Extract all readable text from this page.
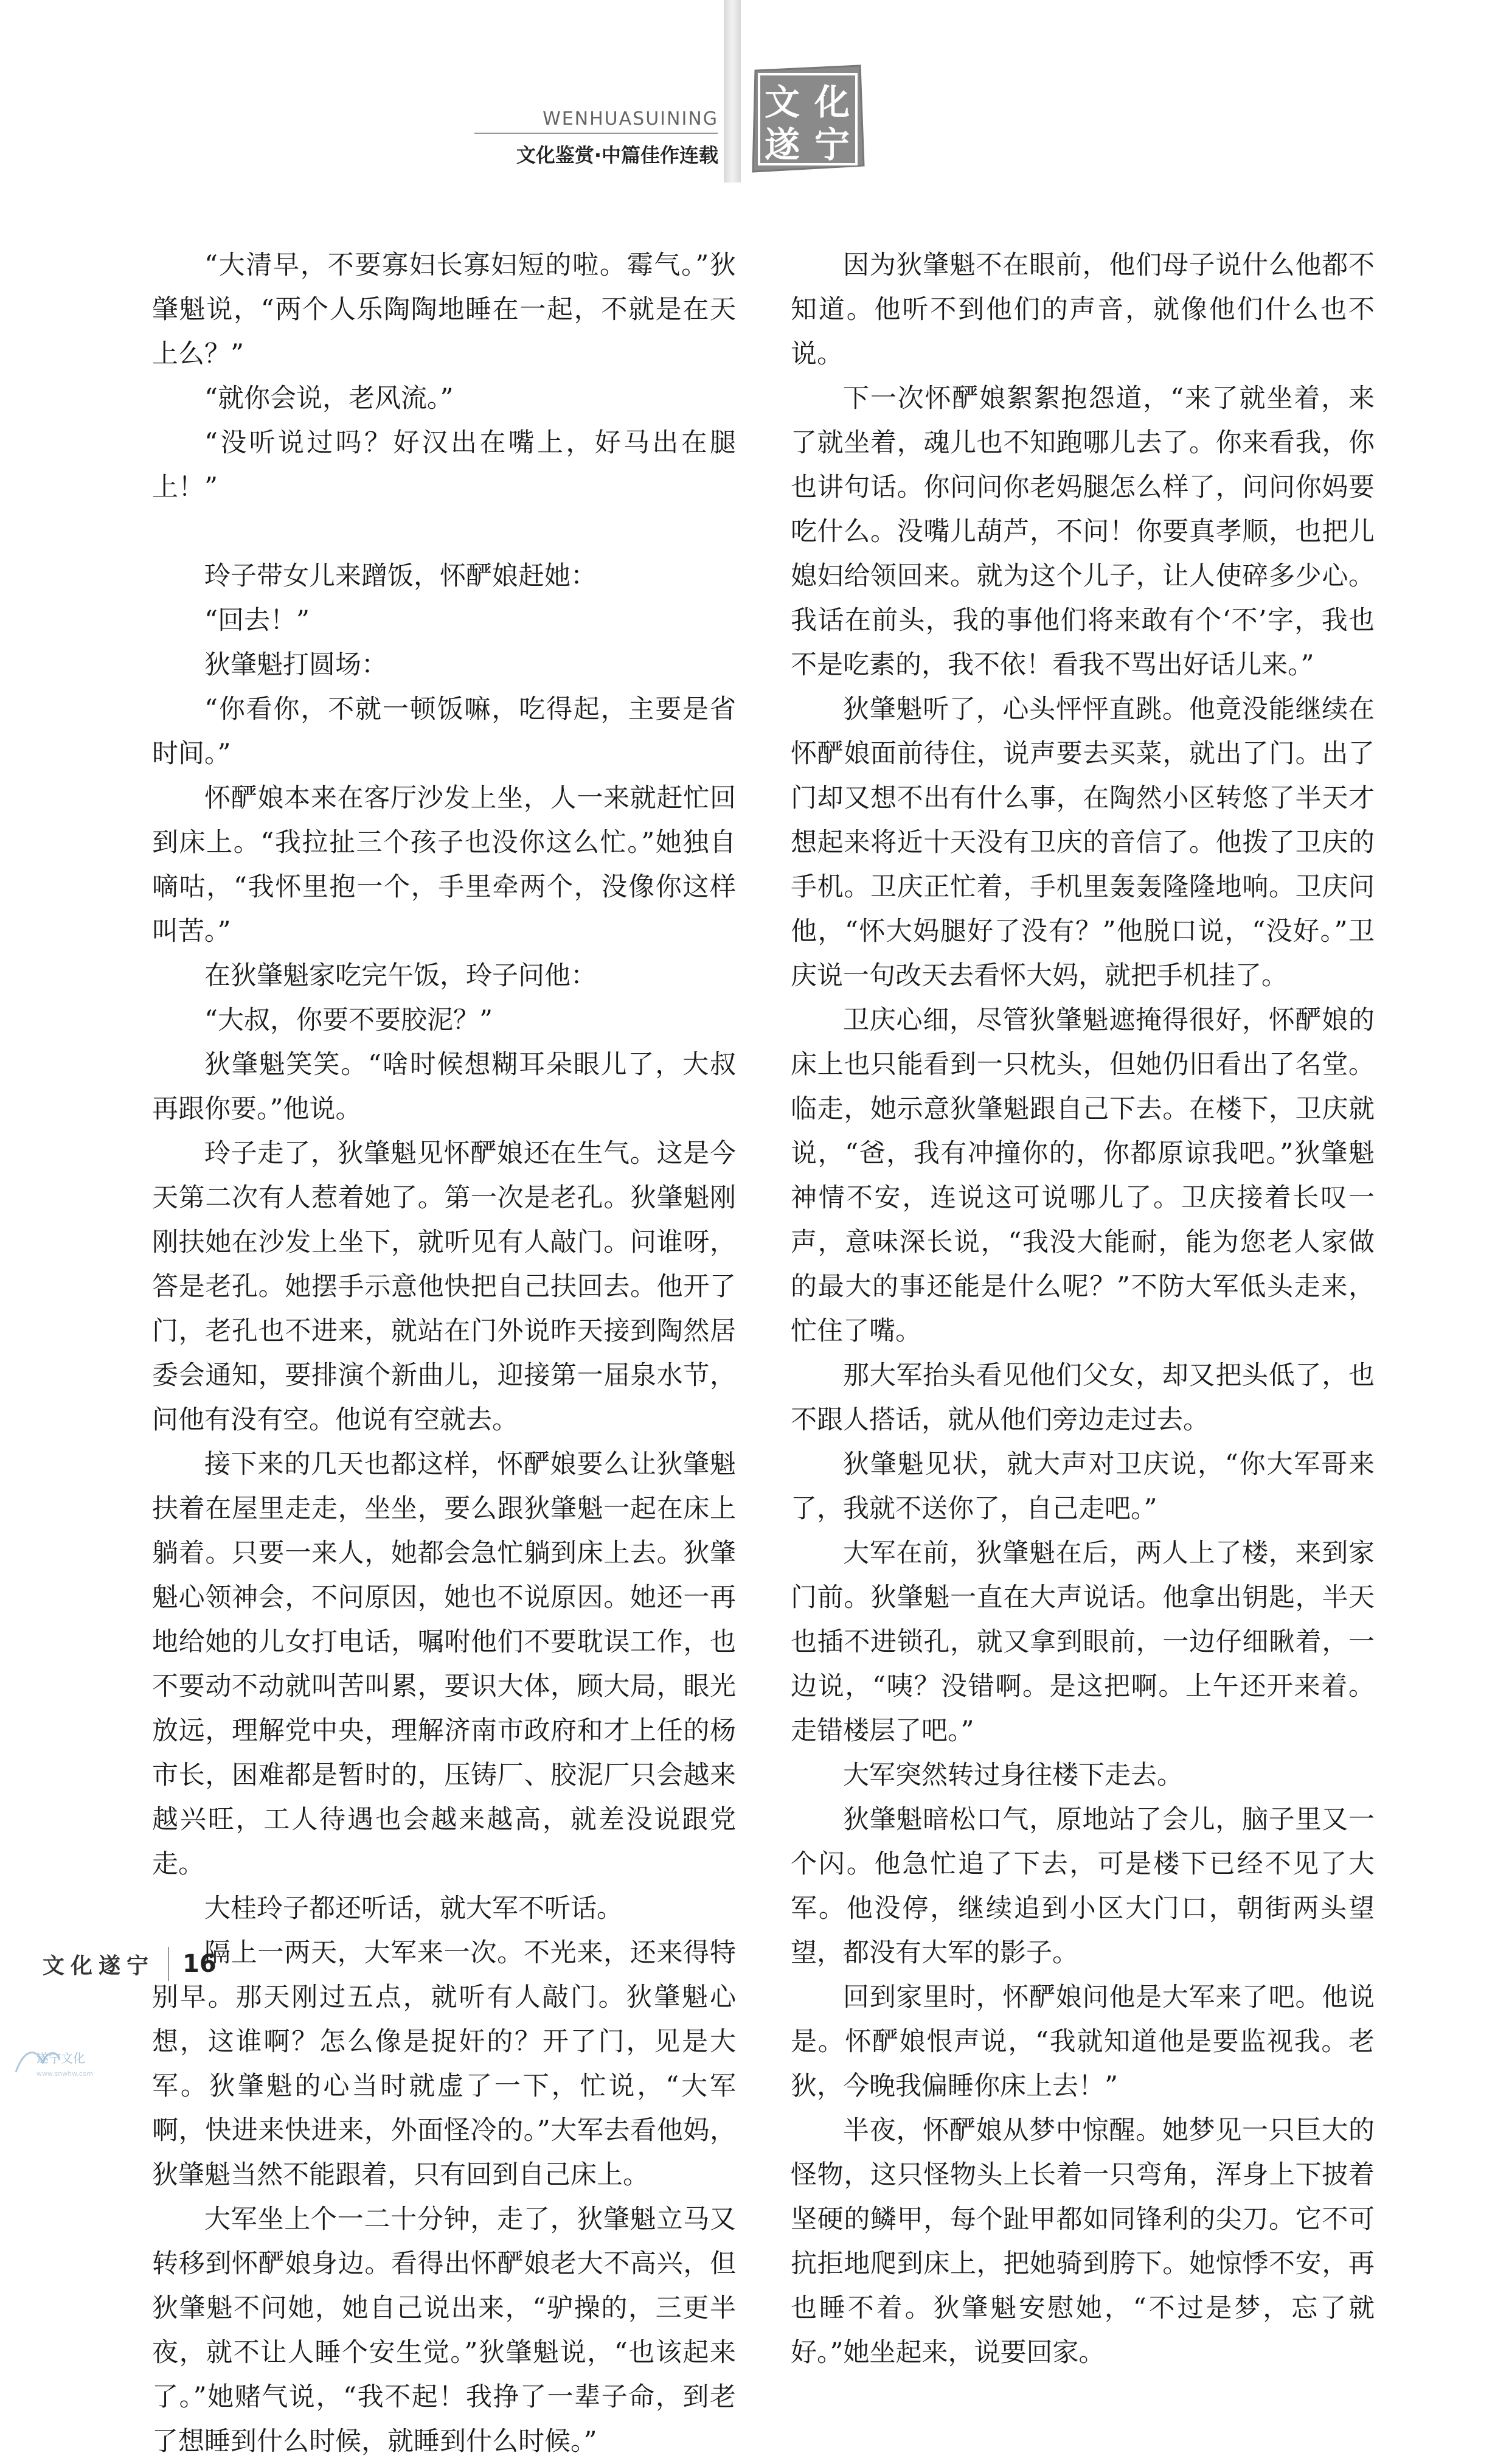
WENHUASUINING
文化鉴赏·中篇佳作连载
文 化
遂 宁

“大清早，不要寡妇长寡妇短的啦。霉气。”狄肇魁说，“两个人乐陶陶地睡在一起，不就是在天上么？”

“就你会说，老风流。”

“没听说过吗？好汉出在嘴上，好马出在腿上！”

玲子带女儿来蹭饭，怀酽娘赶她：

“回去！”

狄肇魁打圆场：

“你看你，不就一顿饭嘛，吃得起，主要是省时间。”

怀酽娘本来在客厅沙发上坐，人一来就赶忙回到床上。“我拉扯三个孩子也没你这么忙。”她独自嘀咕，“我怀里抱一个，手里牵两个，没像你这样叫苦。”

在狄肇魁家吃完午饭，玲子问他：

“大叔，你要不要胶泥？”

狄肇魁笑笑。“啥时候想糊耳朵眼儿了，大叔再跟你要。”他说。

玲子走了，狄肇魁见怀酽娘还在生气。这是今天第二次有人惹着她了。第一次是老孔。狄肇魁刚刚扶她在沙发上坐下，就听见有人敲门。问谁呀，答是老孔。她摆手示意他快把自己扶回去。他开了门，老孔也不进来，就站在门外说昨天接到陶然居委会通知，要排演个新曲儿，迎接第一届泉水节，问他有没有空。他说有空就去。

接下来的几天也都这样，怀酽娘要么让狄肇魁扶着在屋里走走，坐坐，要么跟狄肇魁一起在床上躺着。只要一来人，她都会急忙躺到床上去。狄肇魁心领神会，不问原因，她也不说原因。她还一再地给她的儿女打电话，嘱咐他们不要耽误工作，也不要动不动就叫苦叫累，要识大体，顾大局，眼光放远，理解党中央，理解济南市政府和才上任的杨市长，困难都是暂时的，压铸厂、胶泥厂只会越来越兴旺，工人待遇也会越来越高，就差没说跟党走。

大桂玲子都还听话，就大军不听话。

隔上一两天，大军来一次。不光来，还来得特别早。那天刚过五点，就听有人敲门。狄肇魁心想，这谁啊？怎么像是捉奸的？开了门，见是大军。狄肇魁的心当时就虚了一下，忙说，“大军啊，快进来快进来，外面怪冷的。”大军去看他妈，狄肇魁当然不能跟着，只有回到自己床上。

大军坐上个一二十分钟，走了，狄肇魁立马又转移到怀酽娘身边。看得出怀酽娘老大不高兴，但狄肇魁不问她，她自己说出来，“驴操的，三更半夜，就不让人睡个安生觉。”狄肇魁说，“也该起来了。”她赌气说，“我不起！我挣了一辈子命，到老了想睡到什么时候，就睡到什么时候。”

因为狄肇魁不在眼前，他们母子说什么他都不知道。他听不到他们的声音，就像他们什么也不说。

下一次怀酽娘絮絮抱怨道，“来了就坐着，来了就坐着，魂儿也不知跑哪儿去了。你来看我，你也讲句话。你问问你老妈腿怎么样了，问问你妈要吃什么。没嘴儿葫芦，不问！你要真孝顺，也把儿媳妇给领回来。就为这个儿子，让人使碎多少心。我话在前头，我的事他们将来敢有个‘不’字，我也不是吃素的，我不依！看我不骂出好话儿来。”

狄肇魁听了，心头怦怦直跳。他竟没能继续在怀酽娘面前待住，说声要去买菜，就出了门。出了门却又想不出有什么事，在陶然小区转悠了半天才想起来将近十天没有卫庆的音信了。他拨了卫庆的手机。卫庆正忙着，手机里轰轰隆隆地响。卫庆问他，“怀大妈腿好了没有？”他脱口说，“没好。”卫庆说一句改天去看怀大妈，就把手机挂了。

卫庆心细，尽管狄肇魁遮掩得很好，怀酽娘的床上也只能看到一只枕头，但她仍旧看出了名堂。临走，她示意狄肇魁跟自己下去。在楼下，卫庆就说，“爸，我有冲撞你的，你都原谅我吧。”狄肇魁神情不安，连说这可说哪儿了。卫庆接着长叹一声，意味深长说，“我没大能耐，能为您老人家做的最大的事还能是什么呢？”不防大军低头走来，忙住了嘴。

那大军抬头看见他们父女，却又把头低了，也不跟人搭话，就从他们旁边走过去。

狄肇魁见状，就大声对卫庆说，“你大军哥来了，我就不送你了，自己走吧。”

大军在前，狄肇魁在后，两人上了楼，来到家门前。狄肇魁一直在大声说话。他拿出钥匙，半天也插不进锁孔，就又拿到眼前，一边仔细瞅着，一边说，“咦？没错啊。是这把啊。上午还开来着。走错楼层了吧。”

大军突然转过身往楼下走去。

狄肇魁暗松口气，原地站了会儿，脑子里又一个闪。他急忙追了下去，可是楼下已经不见了大军。他没停，继续追到小区大门口，朝街两头望望，都没有大军的影子。

回到家里时，怀酽娘问他是大军来了吧。他说是。怀酽娘恨声说，“我就知道他是要监视我。老狄，今晚我偏睡你床上去！”

半夜，怀酽娘从梦中惊醒。她梦见一只巨大的怪物，这只怪物头上长着一只弯角，浑身上下披着坚硬的鳞甲，每个趾甲都如同锋利的尖刀。它不可抗拒地爬到床上，把她骑到胯下。她惊悸不安，再也睡不着。狄肇魁安慰她，“不过是梦，忘了就好。”她坐起来，说要回家。

文化遂宁 16
遂宁文化
www.snwhw.com
